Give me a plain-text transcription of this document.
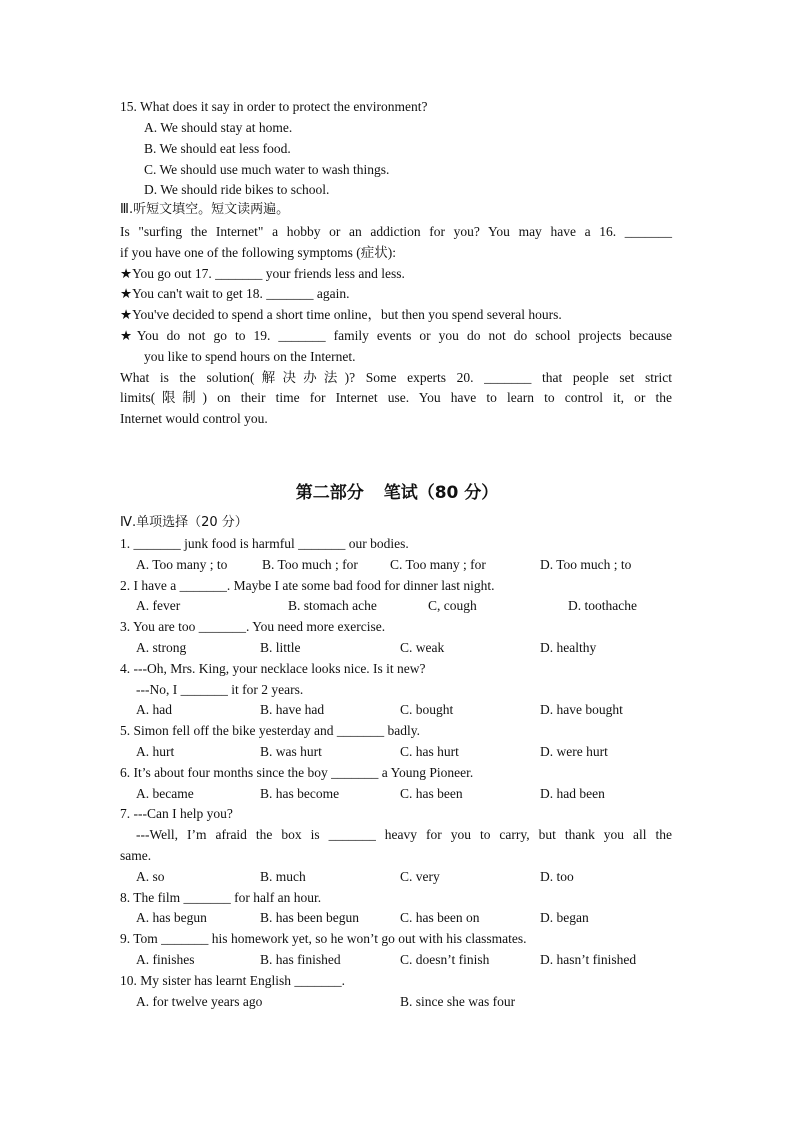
15. What does it say in order to protect the environment?
A. We should stay at home.
B. We should eat less food.
C. We should use much water to wash things.
D. We should ride bikes to school.
Ⅲ.听短文填空。短文读两遍。
Is "surfing the Internet" a hobby or an addiction for you? You may have a 16. _______
if you have one of the following symptoms (症状):
★You go out 17. _______ your friends less and less.
★You can't wait to get 18. _______ again.
★You've decided to spend a short time online，but then you spend several hours.
★You do not go to 19. _______ family events or you do not do school projects because
you like to spend hours on the Internet.
What is the solution(解决办法)? Some experts 20. _______ that people set strict
limits(限制) on their time for Internet use. You have to learn to control it, or the
Internet would control you.
第二部分 笔试（80 分）
Ⅳ.单项选择（20 分）
1. _______ junk food is harmful _______ our bodies.
A. Too many ; to	B. Too much ; for C. Too many ; for	D. Too much ; to
2. I have a _______. Maybe I ate some bad food for dinner last night.
A. fever	B. stomach ache	C, cough	D. toothache
3. You are too _______. You need more exercise.
A. strong	B. little	C. weak	D. healthy
4. ---Oh, Mrs. King, your necklace looks nice. Is it new?
---No, I _______ it for 2 years.
A. had	B. have had	C. bought	D. have bought
5. Simon fell off the bike yesterday and _______ badly.
A. hurt	B. was hurt	C. has hurt	D. were hurt
6. It’s about four months since the boy _______ a Young Pioneer.
A. became	B. has become	C. has been	D. had been
7. ---Can I help you?
---Well, I’m afraid the box is _______ heavy for you to carry, but thank you all the
same.
A. so	B. much	C. very	D. too
8. The film _______ for half an hour.
A. has begun	B. has been begun	C. has been on	D. began
9. Tom _______ his homework yet, so he won’t go out with his classmates.
A. finishes	B. has finished	C. doesn’t finish	D. hasn’t finished
10. My sister has learnt English _______.
A. for twelve years ago	B. since she was four
